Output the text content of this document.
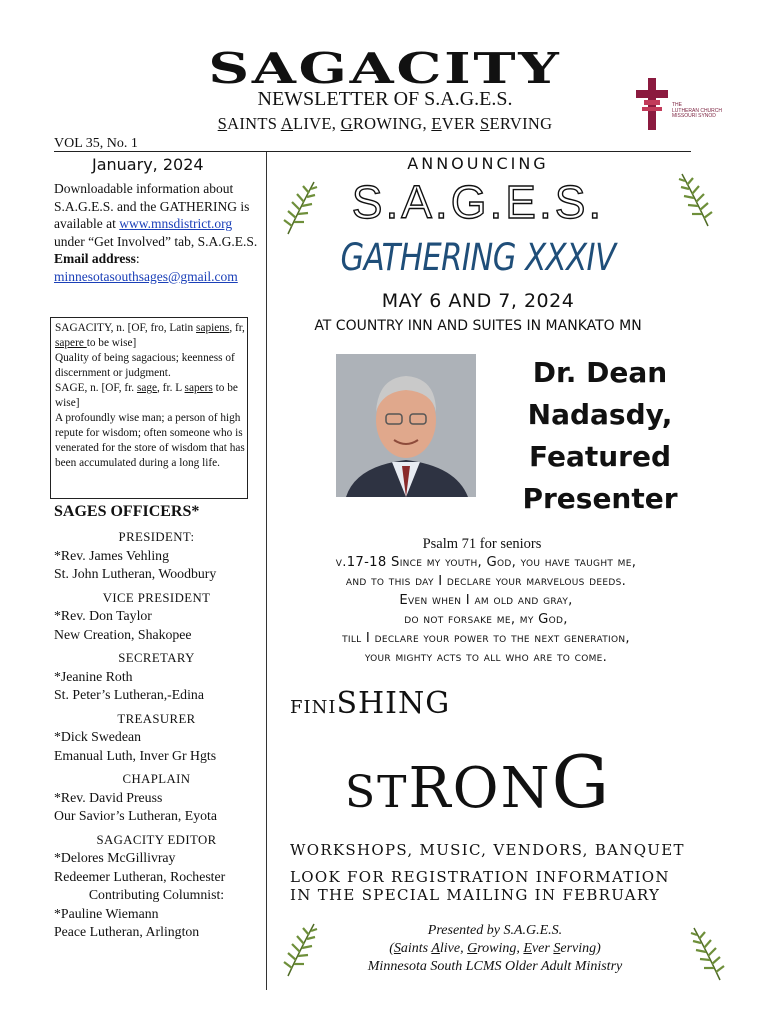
SAGACITY
NEWSLETTER OF S.A.G.E.S.
SAINTS ALIVE, GROWING, EVER SERVING
THE
LUTHERAN CHURCH
MISSOURI SYNOD
VOL 35, No. 1
January, 2024
Downloadable information about S.A.G.E.S. and the GATHERING is available at www.mnsdistrict.org under “Get Involved” tab, S.A.G.E.S.
Email address:
minnesotasouthsages@gmail.com

SAGACITY, n. [OF, fro, Latin sapiens, fr, sapere to be wise]

Quality of being sagacious; keenness of discernment or judgment.

SAGE, n. [OF, fr. sage, fr. L sapers to be wise]

A profoundly wise man; a person of high repute for wisdom; often someone who is venerated for the store of wisdom that has been accumulated during a long life.

SAGES OFFICERS*
PRESIDENT:
*Rev. James Vehling
St. John Lutheran, Woodbury
VICE PRESIDENT
*Rev. Don Taylor
New Creation, Shakopee
SECRETARY
*Jeanine Roth
St. Peter’s Lutheran,-Edina
TREASURER
*Dick Swedean
Emanual Luth, Inver Gr Hgts
CHAPLAIN
*Rev. David Preuss
Our Savior’s Lutheran, Eyota
SAGACITY EDITOR
*Delores McGillivray
Redeemer Lutheran, Rochester
Contributing Columnist:
*Pauline Wiemann
Peace Lutheran, Arlington
ANNOUNCING
S.A.G.E.S.
GATHERING XXXIV
MAY 6 AND 7, 2024
AT COUNTRY INN AND SUITES IN MANKATO MN
Dr. Dean
Nadasdy,
Featured
Presenter
Psalm 71 for seniors
v.17-18 Since my youth, God, you have taught me,
and to this day I declare your marvelous deeds.
Even when I am old and gray,
do not forsake me, my God,
till I declare your power to the next generation,
your mighty acts to all who are to come.
FINISHING
STRONG
WORKSHOPS, MUSIC, VENDORS, BANQUET
LOOK FOR REGISTRATION INFORMATION
IN THE SPECIAL MAILING IN FEBRUARY
Presented by S.A.G.E.S.
(Saints Alive, Growing, Ever Serving)
Minnesota South LCMS Older Adult Ministry
